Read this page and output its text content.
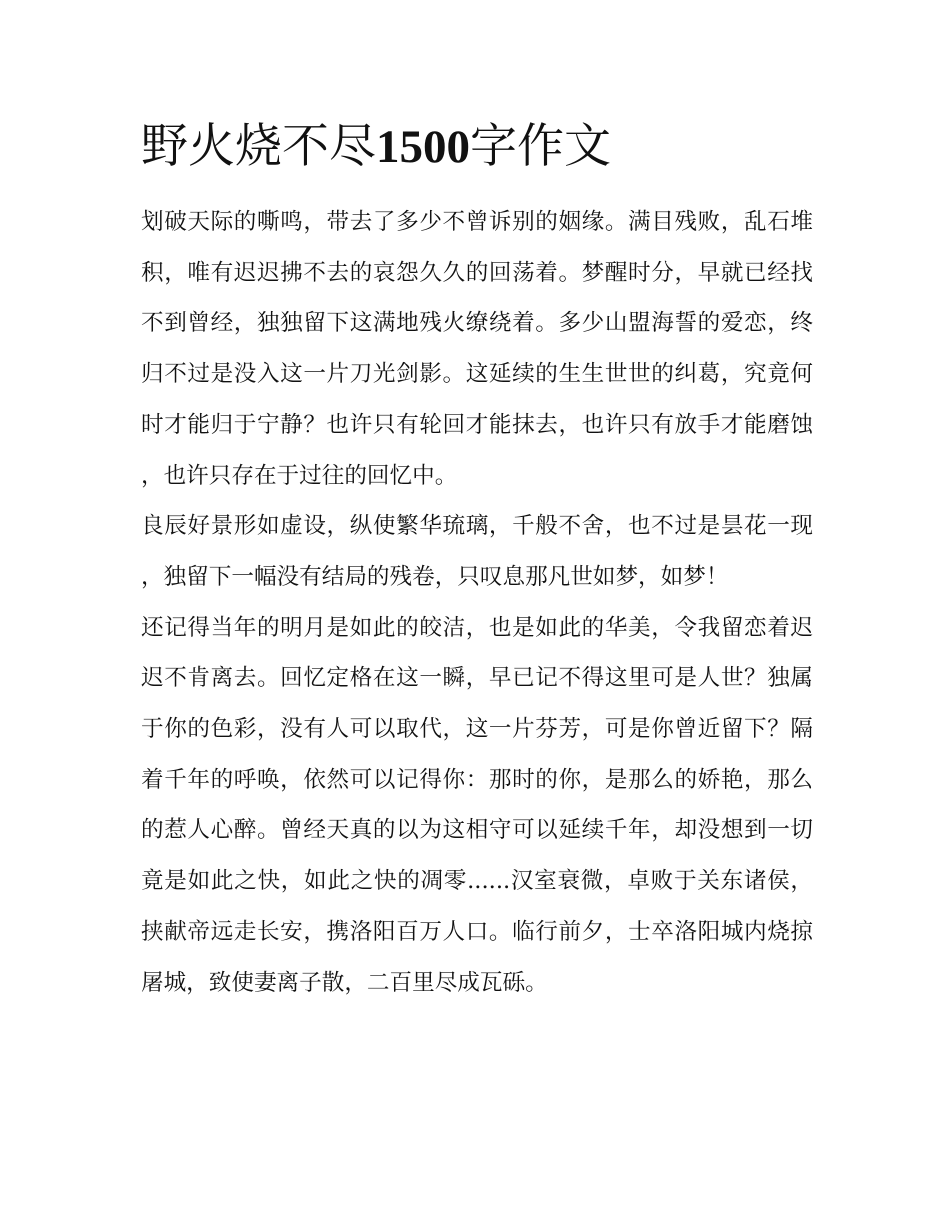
野火烧不尽1500字作文

划破天际的嘶鸣，带去了多少不曾诉别的姻缘。满目残败，乱石堆积，唯有迟迟拂不去的哀怨久久的回荡着。梦醒时分，早就已经找不到曾经，独独留下这满地残火缭绕着。多少山盟海誓的爱恋，终归不过是没入这一片刀光剑影。这延续的生生世世的纠葛，究竟何时才能归于宁静？也许只有轮回才能抹去，也许只有放手才能磨蚀，也许只存在于过往的回忆中。

良辰好景形如虚设，纵使繁华琉璃，千般不舍，也不过是昙花一现，独留下一幅没有结局的残卷，只叹息那凡世如梦，如梦！

还记得当年的明月是如此的皎洁，也是如此的华美，令我留恋着迟迟不肯离去。回忆定格在这一瞬，早已记不得这里可是人世？独属于你的色彩，没有人可以取代，这一片芬芳，可是你曾近留下？隔着千年的呼唤，依然可以记得你：那时的你，是那么的娇艳，那么的惹人心醉。曾经天真的以为这相守可以延续千年，却没想到一切竟是如此之快，如此之快的凋零......汉室衰微，卓败于关东诸侯，挟献帝远走长安，携洛阳百万人口。临行前夕，士卒洛阳城内烧掠屠城，致使妻离子散，二百里尽成瓦砾。
